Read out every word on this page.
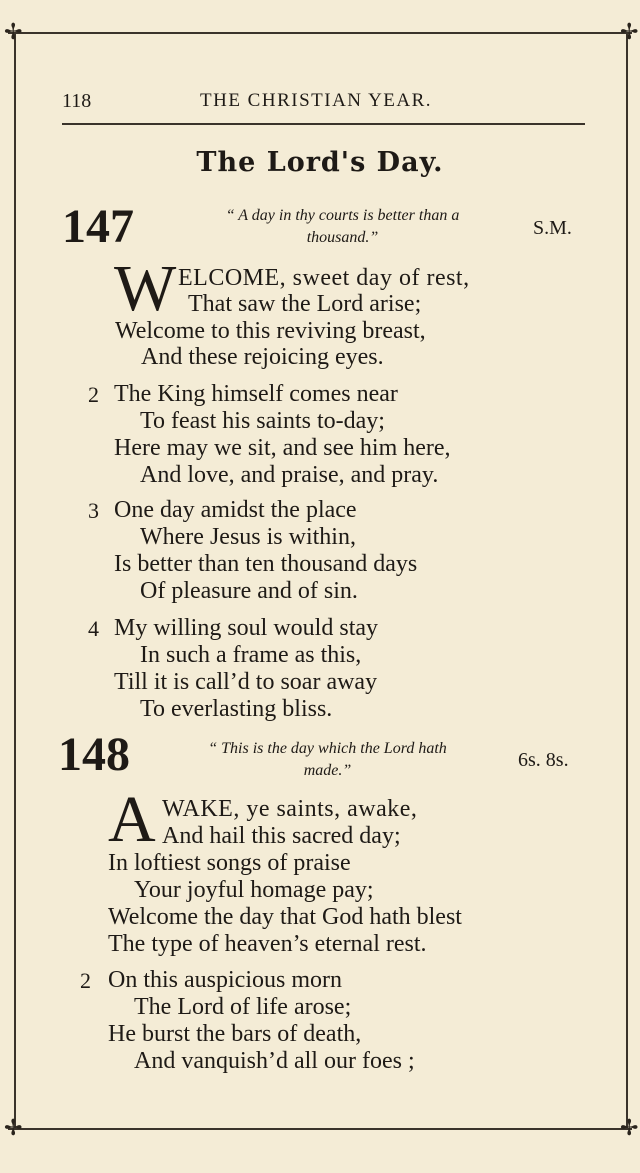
✢	✢
✢	✢
118	THE CHRISTIAN YEAR.
The Lord's Day.
147	“ A day in thy courts is better than a
thousand.”	S.M.
W ELCOME, sweet day of rest,
That saw the Lord arise;
Welcome to this reviving breast,
And these rejoicing eyes.
2 The King himself comes near
To feast his saints to-day;
Here may we sit, and see him here,
And love, and praise, and pray.
3 One day amidst the place
Where Jesus is within,
Is better than ten thousand days
Of pleasure and of sin.
4 My willing soul would stay
In such a frame as this,
Till it is call’d to soar away
To everlasting bliss.
148	“ This is the day which the Lord hath
made.”	6s. 8s.
A WAKE, ye saints, awake,
And hail this sacred day;
In loftiest songs of praise
Your joyful homage pay;
Welcome the day that God hath blest
The type of heaven’s eternal rest.
2 On this auspicious morn
The Lord of life arose;
He burst the bars of death,
And vanquish’d all our foes ;
